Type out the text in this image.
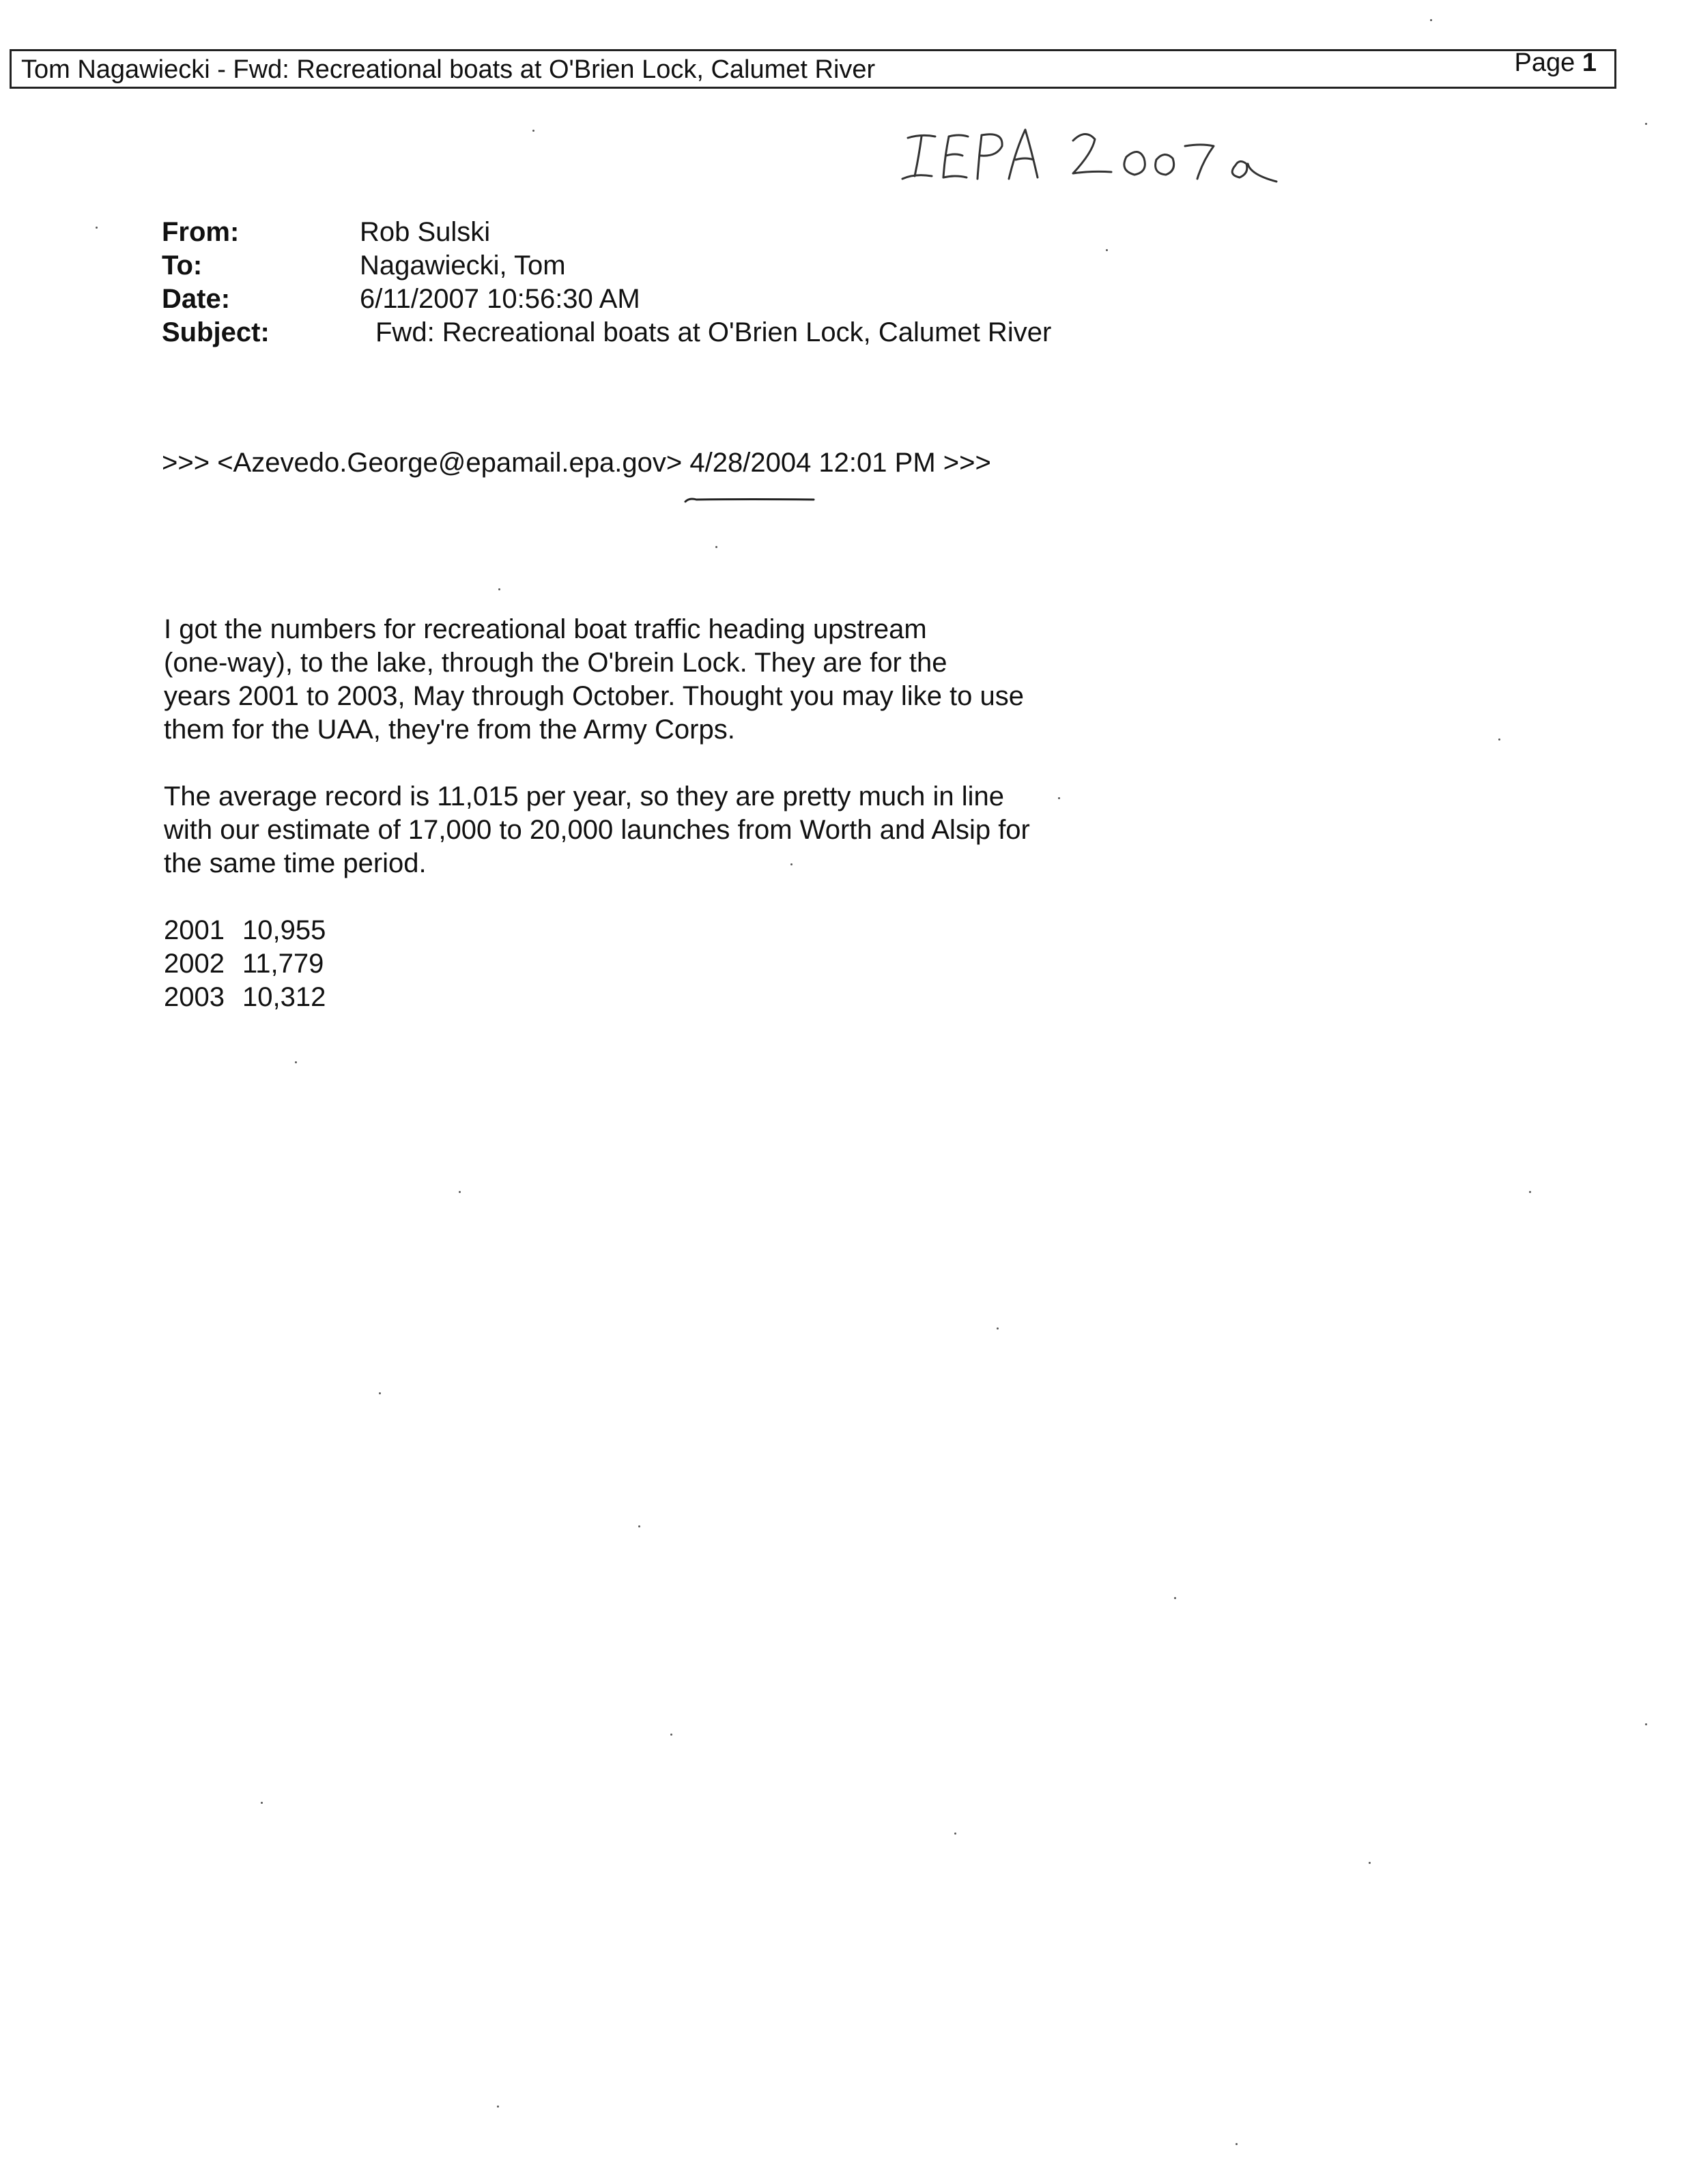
Tom Nagawiecki - Fwd: Recreational boats at O'Brien Lock, Calumet River	Page 1
From:	Rob Sulski
To:	Nagawiecki, Tom
Date:	6/11/2007 10:56:30 AM
Subject:	Fwd: Recreational boats at O'Brien Lock, Calumet River
>>> <Azevedo.George@epamail.epa.gov> 4/28/2004 12:01 PM >>>

I got the numbers for recreational boat traffic heading upstream
(one-way), to the lake, through the O'brein Lock. They are for the
years 2001 to 2003, May through October. Thought you may like to use
them for the UAA, they're from the Army Corps.

The average record is 11,015 per year, so they are pretty much in line
with our estimate of 17,000 to 20,000 launches from Worth and Alsip for
the same time period.

2001 10,955
2002 11,779
2003 10,312
